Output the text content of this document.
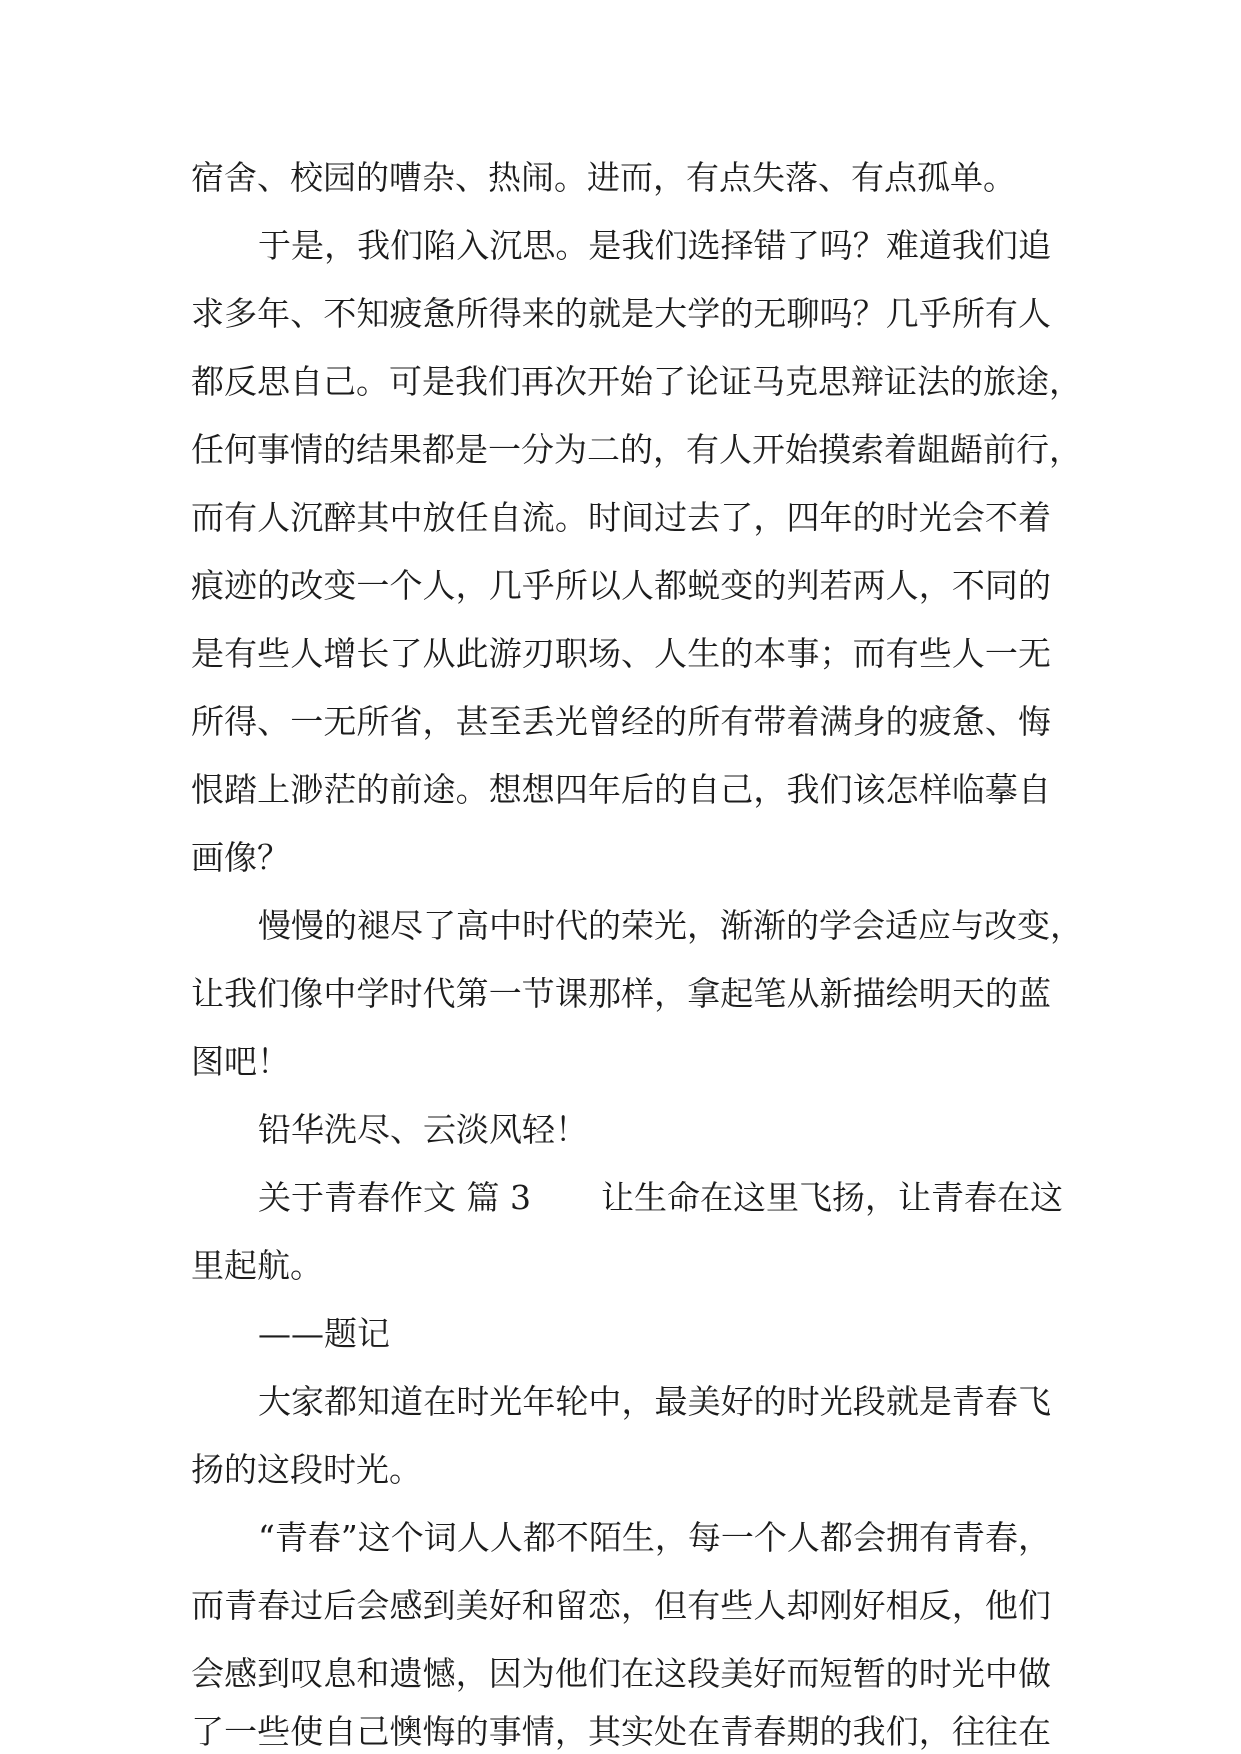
宿舍、校园的嘈杂、热闹。进而，有点失落、有点孤单。
于是，我们陷入沉思。是我们选择错了吗？难道我们追
求多年、不知疲惫所得来的就是大学的无聊吗？几乎所有人
都反思自己。可是我们再次开始了论证马克思辩证法的旅途，
任何事情的结果都是一分为二的，有人开始摸索着龃龉前行，
而有人沉醉其中放任自流。时间过去了，四年的时光会不着
痕迹的改变一个人，几乎所以人都蜕变的判若两人，不同的
是有些人增长了从此游刃职场、人生的本事；而有些人一无
所得、一无所省，甚至丢光曾经的所有带着满身的疲惫、悔
恨踏上渺茫的前途。想想四年后的自己，我们该怎样临摹自
画像？
慢慢的褪尽了高中时代的荣光，渐渐的学会适应与改变，
让我们像中学时代第一节课那样，拿起笔从新描绘明天的蓝
图吧！
铅华洗尽、云淡风轻！
关于青春作文 篇 3 让生命在这里飞扬，让青春在这
里起航。
——题记
大家都知道在时光年轮中，最美好的时光段就是青春飞
扬的这段时光。
“青春”这个词人人都不陌生，每一个人都会拥有青春，
而青春过后会感到美好和留恋，但有些人却刚好相反，他们
会感到叹息和遗憾，因为他们在这段美好而短暂的时光中做
了一些使自己懊悔的事情，其实处在青春期的我们，往往在
